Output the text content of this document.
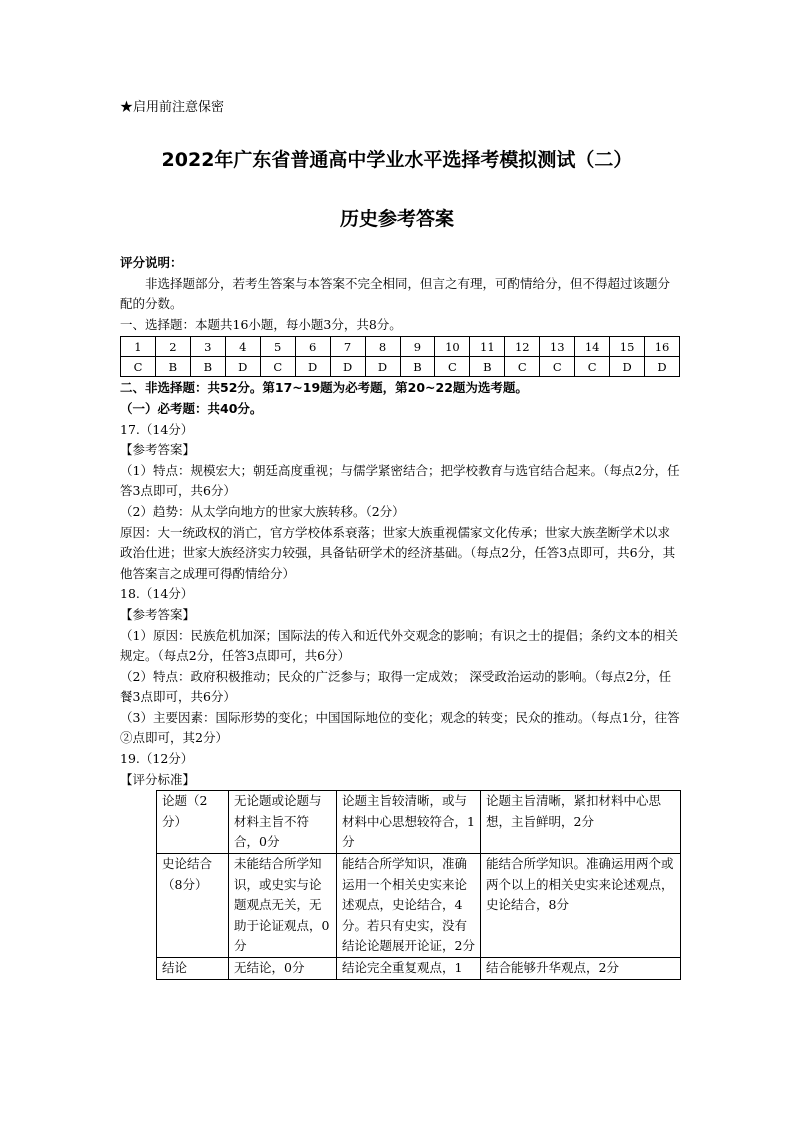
★启用前注意保密
2022年广东省普通高中学业水平选择考模拟测试（二）
历史参考答案

评分说明：

非选择题部分，若考生答案与本答案不完全相同，但言之有理，可酌情给分，但不得超过该题分配的分数。

一、选择题：本题共16小题，每小题3分，共8分。

1	2	3	4	5	6	7	8	9	10	11	12	13	14	15	16
C	B	B	D	C	D	D	D	B	C	B	C	C	C	D	D

二、非选择题：共52分。第17~19题为必考题，第20~22题为选考题。

（一）必考题：共40分。

17.（14分）

【参考答案】

（1）特点：规模宏大；朝廷高度重视；与儒学紧密结合；把学校教育与选官结合起来。（每点2分，任答3点即可，共6分）

（2）趋势：从太学向地方的世家大族转移。（2分）

原因：大一统政权的消亡，官方学校体系衰落；世家大族重视儒家文化传承；世家大族垄断学术以求政治仕进；世家大族经济实力较强，具备钻研学术的经济基础。（每点2分，任答3点即可，共6分，其他答案言之成理可得酌情给分）

18.（14分）

【参考答案】

（1）原因：民族危机加深；国际法的传入和近代外交观念的影响；有识之士的提倡；条约文本的相关规定。（每点2分，任答3点即可，共6分）

（2）特点：政府积极推动；民众的广泛参与；取得一定成效； 深受政治运动的影响。（每点2分，任餐3点即可，共6分）

（3）主要因素：国际形势的变化；中国国际地位的变化；观念的转变；民众的推动。（每点1分，往答②点即可，其2分）

19.（12分）

【评分标准】

论题（2分）	无论题或论题与材料主旨不符合，0分	论题主旨较清晰，或与材料中心思想较符合，1分	论题主旨清晰，紧扣材料中心思想，主旨鲜明，2分
史论结合（8分）	未能结合所学知识，或史实与论题观点无关，无助于论证观点，0分	能结合所学知识，准确运用一个相关史实来论述观点，史论结合，4分。若只有史实，没有结论论题展开论证，2分	能结合所学知识。准确运用两个或两个以上的相关史实来论述观点，史论结合，8分
结论	无结论，0分	结论完全重复观点，1	结合能够升华观点，2分
